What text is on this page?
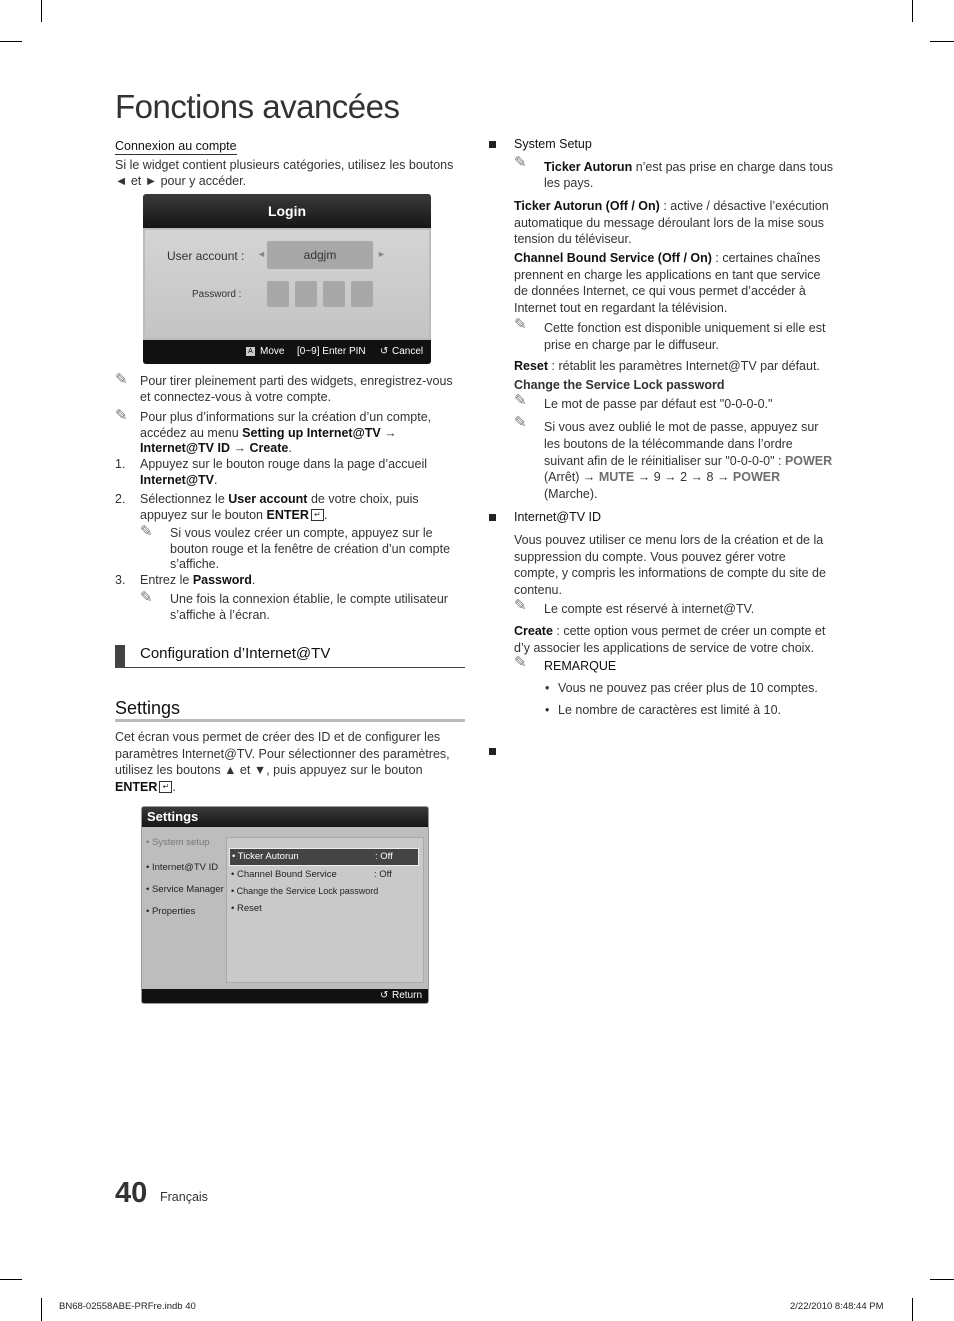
Fonctions avancées
Connexion au compte
Si le widget contient plusieurs catégories, utilisez les boutons ◄ et ► pour y accéder.
Login
User account : ◄	adgjm	►
Password :
A Move [0~9] Enter PIN ↺ Cancel
✎ Pour tirer pleinement parti des widgets, enregistrez-vous et connectez-vous à votre compte.
✎ Pour plus d’informations sur la création d’un compte, accédez au menu Setting up Internet@TV → Internet@TV ID → Create.
1. Appuyez sur le bouton rouge dans la page d’accueil Internet@TV.
2. Sélectionnez le User account de votre choix, puis appuyez sur le bouton ENTER ↵ .
✎ Si vous voulez créer un compte, appuyez sur le bouton rouge et la fenêtre de création d’un compte s’affiche.
3. Entrez le Password.
✎ Une fois la connexion établie, le compte utilisateur s’affiche à l’écran.
Configuration d’Internet@TV
Settings
Cet écran vous permet de créer des ID et de configurer les paramètres Internet@TV. Pour sélectionner des paramètres, utilisez les boutons ▲ et ▼, puis appuyez sur le bouton ENTER ↵ .
Settings
• System setup
• Internet@TV ID
• Service Manager
• Properties
• Ticker Autorun	: Off
• Channel Bound Service	: Off
• Change the Service Lock password
• Reset
↺ Return
System Setup
✎ Ticker Autorun n’est pas prise en charge dans tous les pays.
Ticker Autorun (Off / On) : active / désactive l’exécution automatique du message déroulant lors de la mise sous tension du téléviseur.
Channel Bound Service (Off / On) : certaines chaînes prennent en charge les applications en tant que service de données Internet, ce qui vous permet d’accéder à Internet tout en regardant la télévision.
✎ Cette fonction est disponible uniquement si elle est prise en charge par le diffuseur.
Reset : rétablit les paramètres Internet@TV par défaut.
Change the Service Lock password
✎ Le mot de passe par défaut est "0-0-0-0."
✎ Si vous avez oublié le mot de passe, appuyez sur les boutons de la télécommande dans l’ordre suivant afin de le réinitialiser sur "0-0-0-0" : POWER (Arrêt) → MUTE → 9 → 2 → 8 → POWER (Marche).
Internet@TV ID
Vous pouvez utiliser ce menu lors de la création et de la suppression du compte. Vous pouvez gérer votre compte, y compris les informations de compte du site de contenu.
✎ Le compte est réservé à internet@TV.
Create : cette option vous permet de créer un compte et d’y associer les applications de service de votre choix.
✎ REMARQUE
• Vous ne pouvez pas créer plus de 10 comptes.
• Le nombre de caractères est limité à 10.
40 Français
BN68-02558ABE-PRFre.indb 40	2/22/2010 8:48:44 PM
